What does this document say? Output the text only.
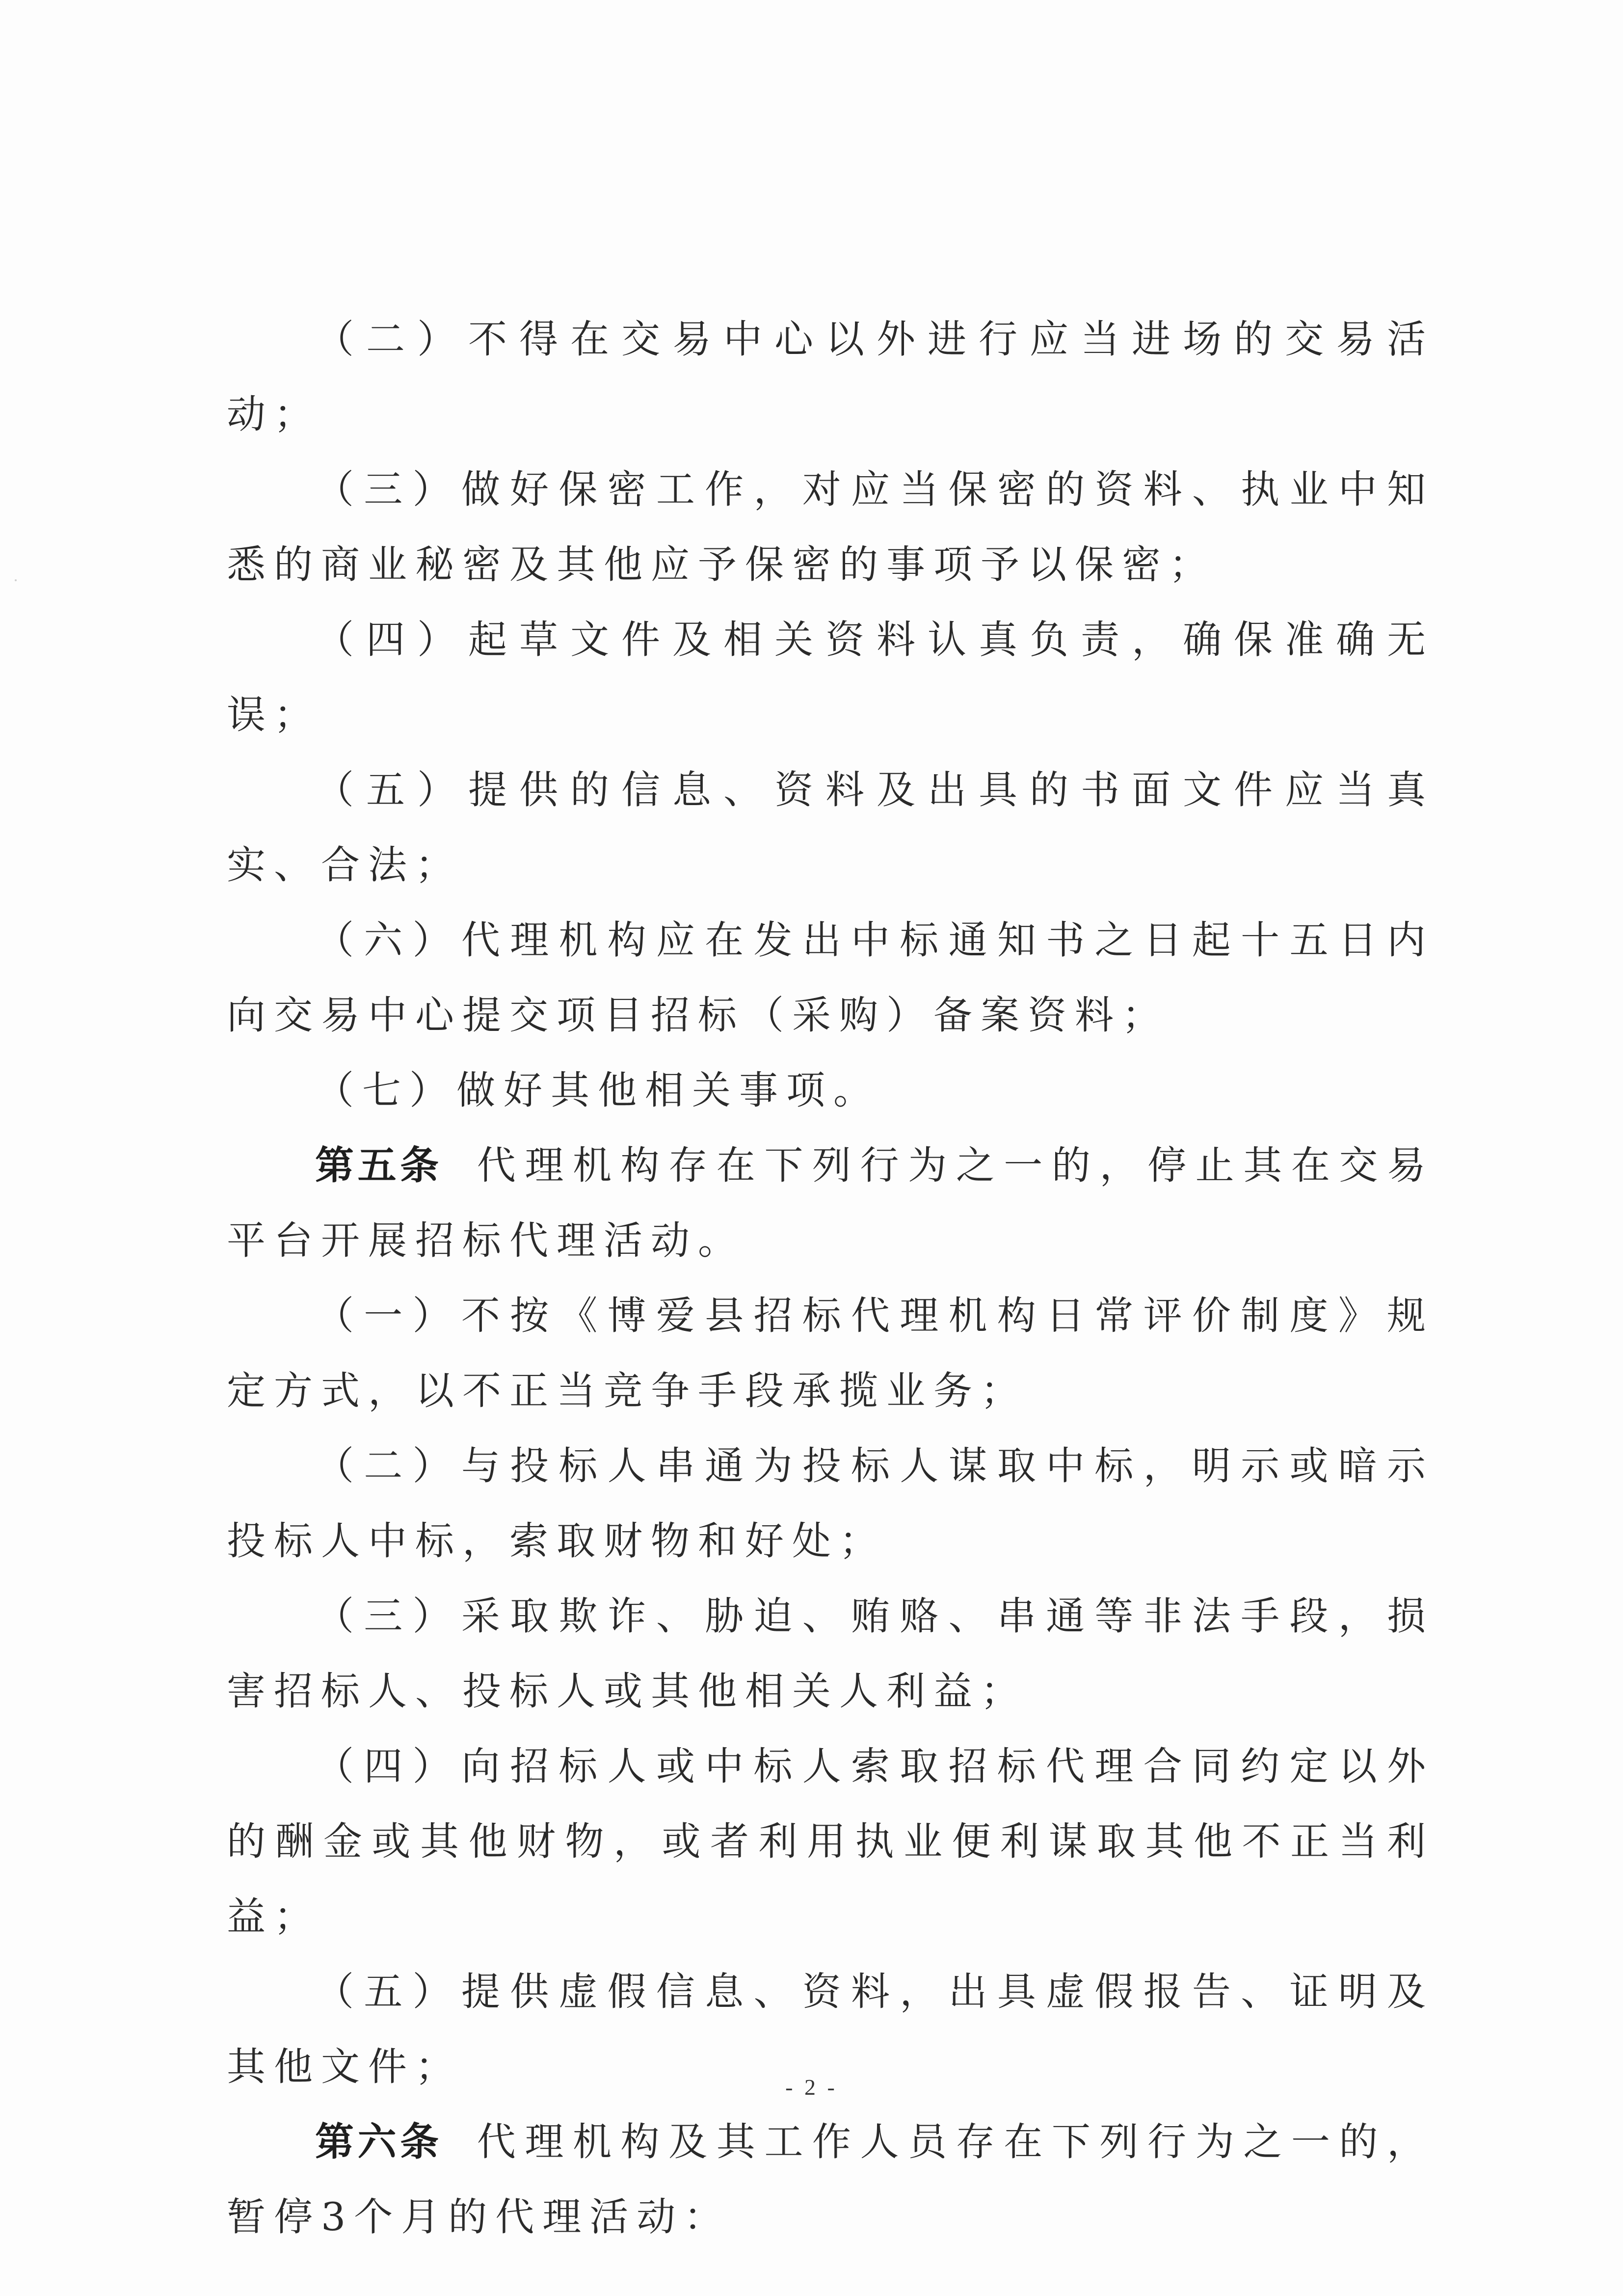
（二）不得在交易中心以外进行应当进场的交易活动；

（三）做好保密工作，对应当保密的资料、执业中知悉的商业秘密及其他应予保密的事项予以保密；

（四）起草文件及相关资料认真负责，确保准确无误；

（五）提供的信息、资料及出具的书面文件应当真实、合法；

（六）代理机构应在发出中标通知书之日起十五日内向交易中心提交项目招标（采购）备案资料；

（七）做好其他相关事项。

第五条 代理机构存在下列行为之一的，停止其在交易平台开展招标代理活动。

（一）不按《博爱县招标代理机构日常评价制度》规定方式，以不正当竞争手段承揽业务；

（二）与投标人串通为投标人谋取中标，明示或暗示投标人中标，索取财物和好处；

（三）采取欺诈、胁迫、贿赂、串通等非法手段，损害招标人、投标人或其他相关人利益；

（四）向招标人或中标人索取招标代理合同约定以外的酬金或其他财物，或者利用执业便利谋取其他不正当利益；

（五）提供虚假信息、资料，出具虚假报告、证明及其他文件；

第六条 代理机构及其工作人员存在下列行为之一的，暂停3个月的代理活动：

- 2 -
